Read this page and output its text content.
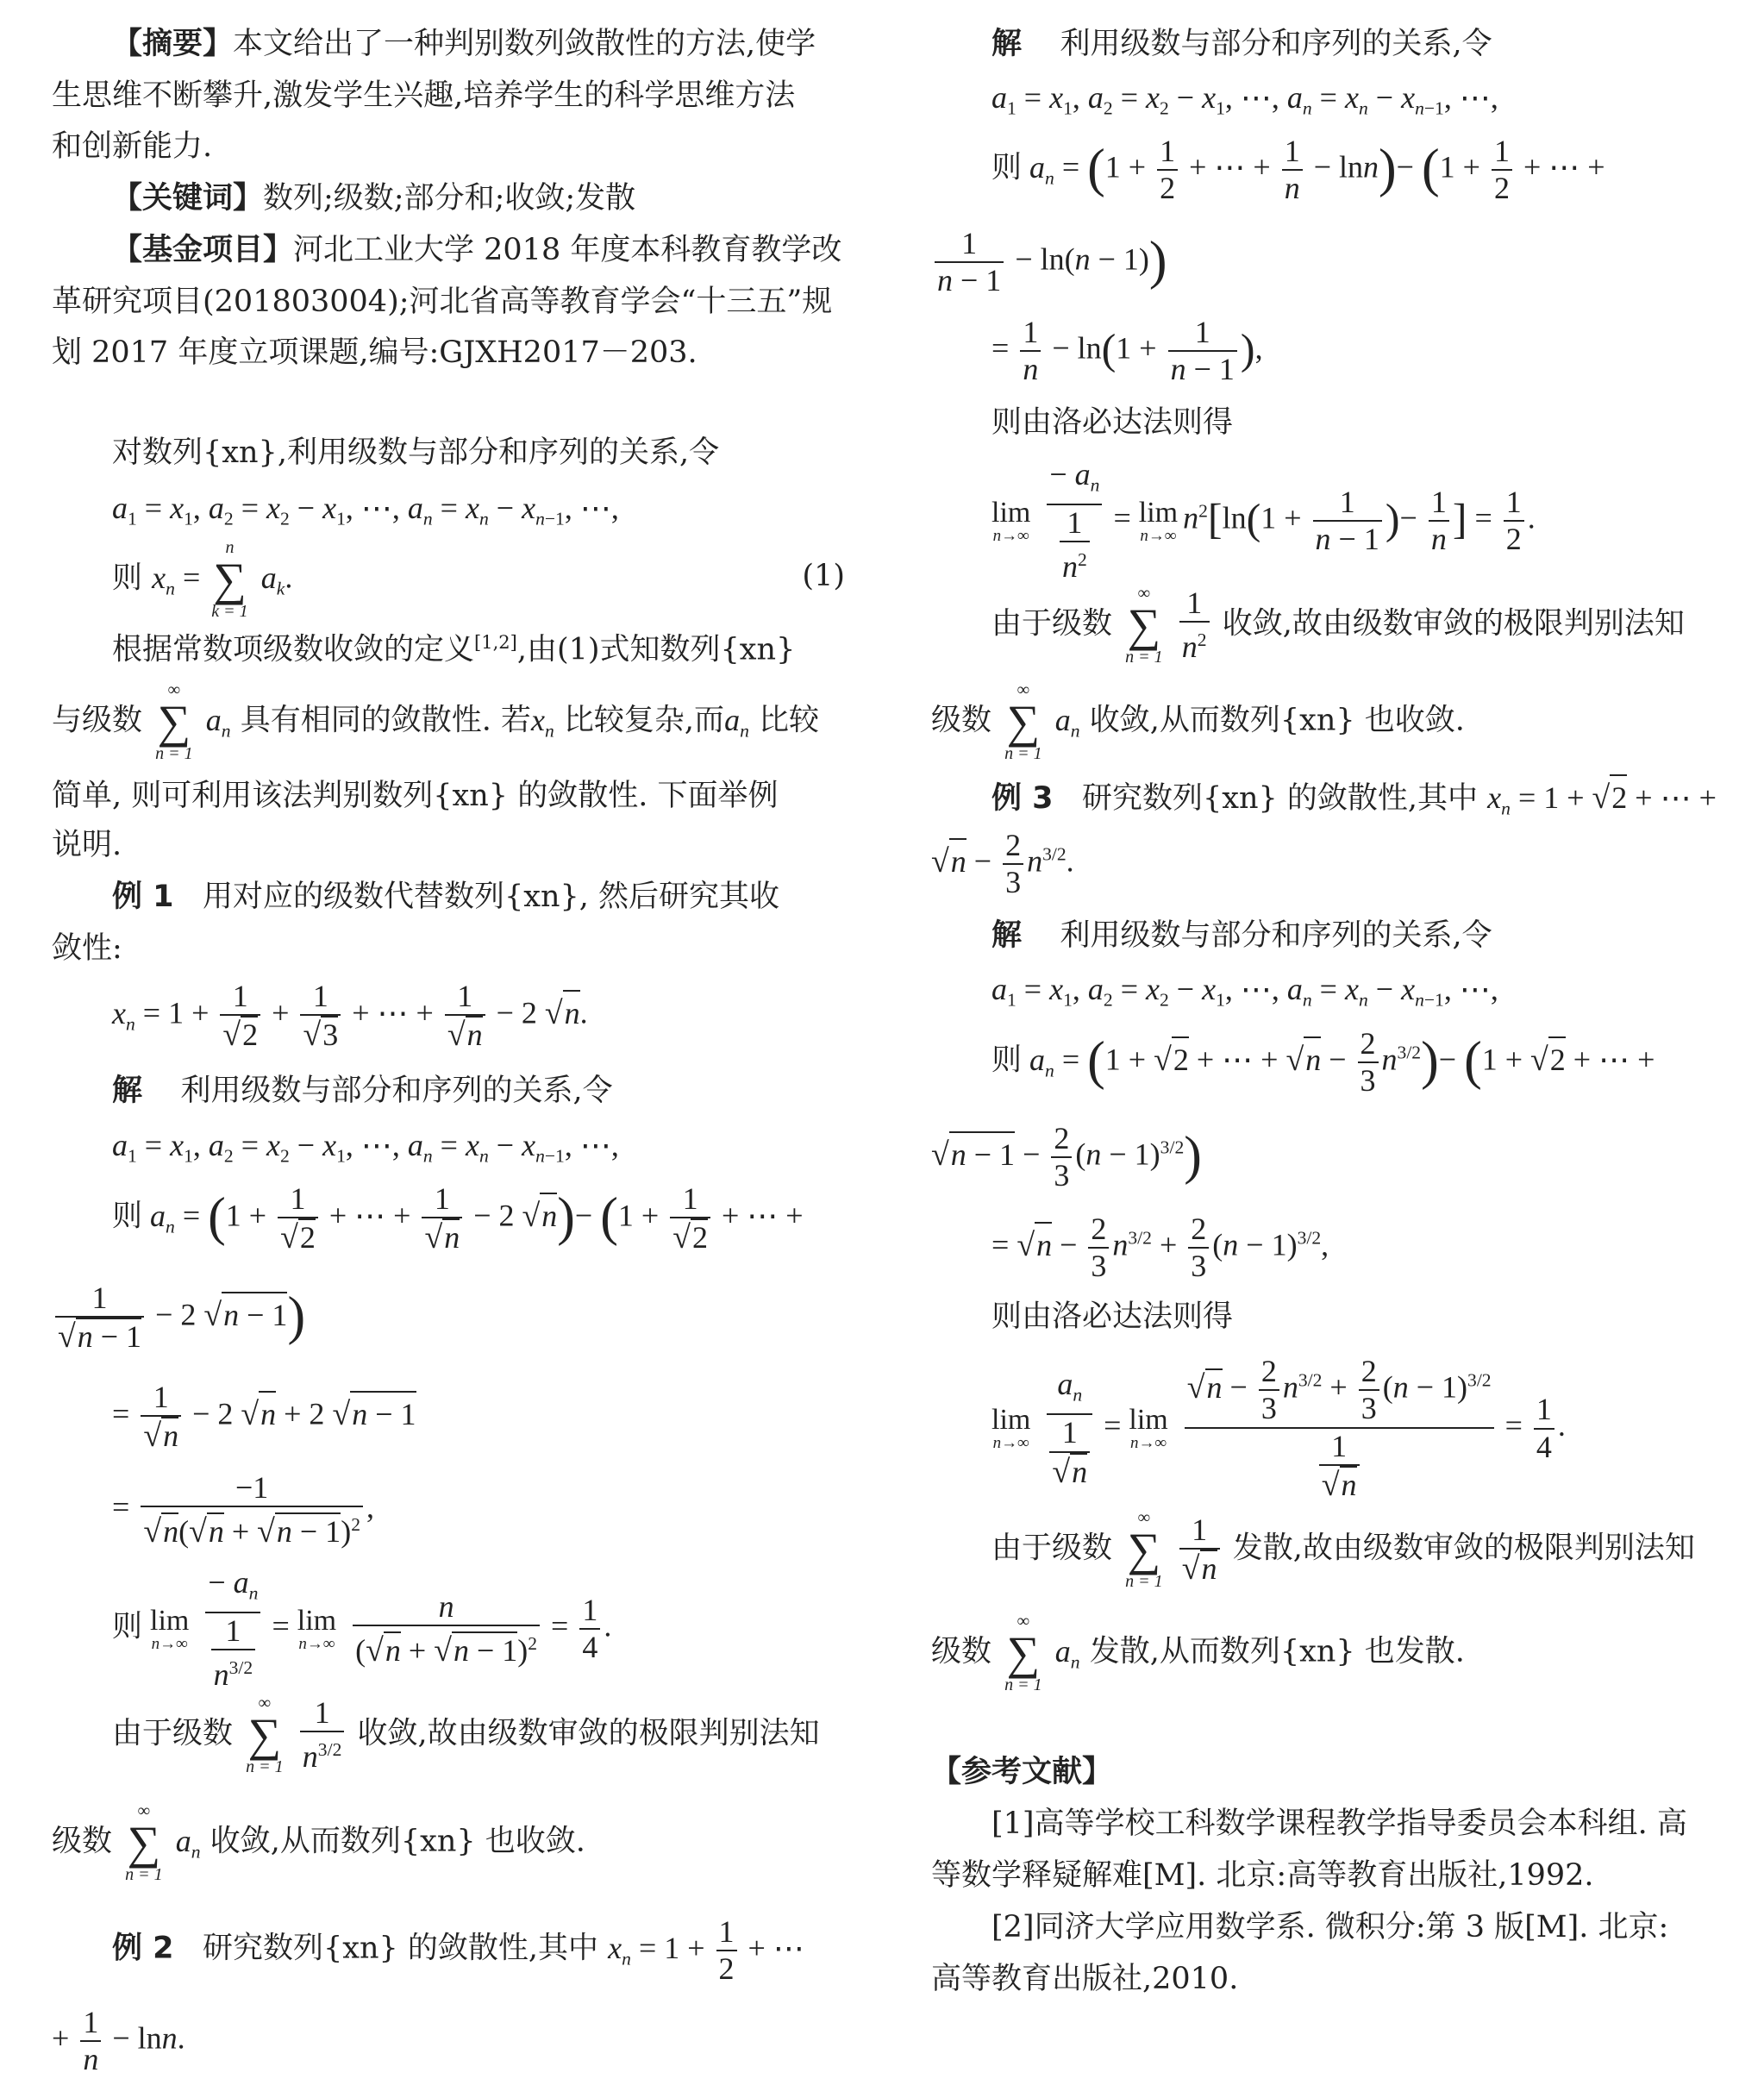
【摘要】本文给出了一种判别数列敛散性的方法,使学
生思维不断攀升,激发学生兴趣,培养学生的科学思维方法
和创新能力.
【关键词】数列;级数;部分和;收敛;发散
【基金项目】河北工业大学 2018 年度本科教育教学改
革研究项目(201803004);河北省高等教育学会“十三五”规
划 2017 年度立项课题,编号:GJXH2017－203.
对数列{xn},利用级数与部分和序列的关系,令
$a_1 = x_1$, $a_2 = x_2 - x_1$, ⋯, $a_n = x_n - x_{n-1}$, ⋯,
则 $x_n$ =
n
∑
k = 1
$a_k$.	(1)
根据常数项级数收敛的定义[1,2],由(1)式知数列{xn}
与级数
∞
∑
n = 1
$a_n$ 具有相同的敛散性. 若$x_n$ 比较复杂,而$a_n$ 比较
简单, 则可利用该法判别数列{xn} 的敛散性. 下面举例
说明.
例 1 用对应的级数代替数列{xn}, 然后研究其收
敛性:
$x_n = 1 + \frac{1}{√2} + \frac{1}{√3}$ + ⋯ + $\frac{1}{√n} - 2$ √n.
解 利用级数与部分和序列的关系,令
$a_1 = x_1$, $a_2 = x_2 - x_1$, ⋯, $a_n = x_n - x_{n-1}$, ⋯,
则 $a_n = (1 + \frac{1}{√2}$ + ⋯ + $\frac{1}{√n} - 2$ $√n)- (1 + \frac{1}{√2}$ + ⋯ +
$\frac{1}{√n - 1} - 2$ √n − 1)
= $\frac{1}{√n} - 2$ √n + 2 √n − 1
= $\frac{-1}{√n(√n + √n - 1)^2}$ ,
则 lim
n→∞
$\frac{- a_n}{\frac{1}{n^{3/2}}} = \lim$
n→∞
$\frac{n}{(√n + √n - 1)^2} = \frac{1}{4}$ .
由于级数
∞
∑
n = 1
$\frac{1}{n^{3/2}}$ 收敛,故由级数审敛的极限判别法知
级数
∞
∑
n = 1
$a_n$ 收敛,从而数列{xn} 也收敛.
例 2 研究数列{xn} 的敛散性,其中 $x_n = 1 + \frac{1}{2}$ + ⋯
+ $\frac{1}{n} - \ln n$.
解 利用级数与部分和序列的关系,令
$a_1 = x_1$, $a_2 = x_2 - x_1$, ⋯, $a_n = x_n - x_{n-1}$, ⋯,
则 $a_n = (1 + \frac{1}{2}$ + ⋯ + $\frac{1}{n} - \ln n)- (1 + \frac{1}{2}$ + ⋯ +
$\frac{1}{n - 1} - \ln(n - 1)$)
= $\frac{1}{n} - \ln(1 + \frac{1}{n - 1}$ ),
则由洛必达法则得
lim
n→∞
$\frac{- a_n}{\frac{1}{n^2}} = \lim$
n→∞
$n^2[\ln(1 + \frac{1}{n - 1}$ )− $\frac{1}{n}$ ] = $\frac{1}{2}$ .
由于级数
∞
∑
n = 1
$\frac{1}{n^2}$ 收敛,故由级数审敛的极限判别法知
级数
∞
∑
n = 1
$a_n$ 收敛,从而数列{xn} 也收敛.
例 3 研究数列{xn} 的敛散性,其中 $x_n = 1 + √2$ + ⋯ +
$√n - \frac{2}{3} n^{3/2}$.
解 利用级数与部分和序列的关系,令
$a_1 = x_1$, $a_2 = x_2 - x_1$, ⋯, $a_n = x_n - x_{n-1}$, ⋯,
则 $a_n = (1 + √2$ + ⋯ + $√n - \frac{2}{3} n^{3/2})- (1 + √2$ + ⋯ +
$√n - 1 - \frac{2}{3} (n - 1)^{3/2}$)
= $√n - \frac{2}{3} n^{3/2} + \frac{2}{3} (n - 1)^{3/2}$,
则由洛必达法则得
lim
n→∞
$\frac{a_n}{\frac{1}{√n}} = \lim$
n→∞
$\frac{√n - \frac{2}{3} n^{3/2} + \frac{2}{3} (n - 1)^{3/2}}{\frac{1}{√n}} = \frac{1}{4}$ .
由于级数
∞
∑
n = 1
$\frac{1}{√n}$ 发散,故由级数审敛的极限判别法知
级数
∞
∑
n = 1
$a_n$ 发散,从而数列{xn} 也发散.
【参考文献】
[1]高等学校工科数学课程教学指导委员会本科组. 高
等数学释疑解难[M]. 北京:高等教育出版社,1992.
[2]同济大学应用数学系. 微积分:第 3 版[M]. 北京:
高等教育出版社,2010.
